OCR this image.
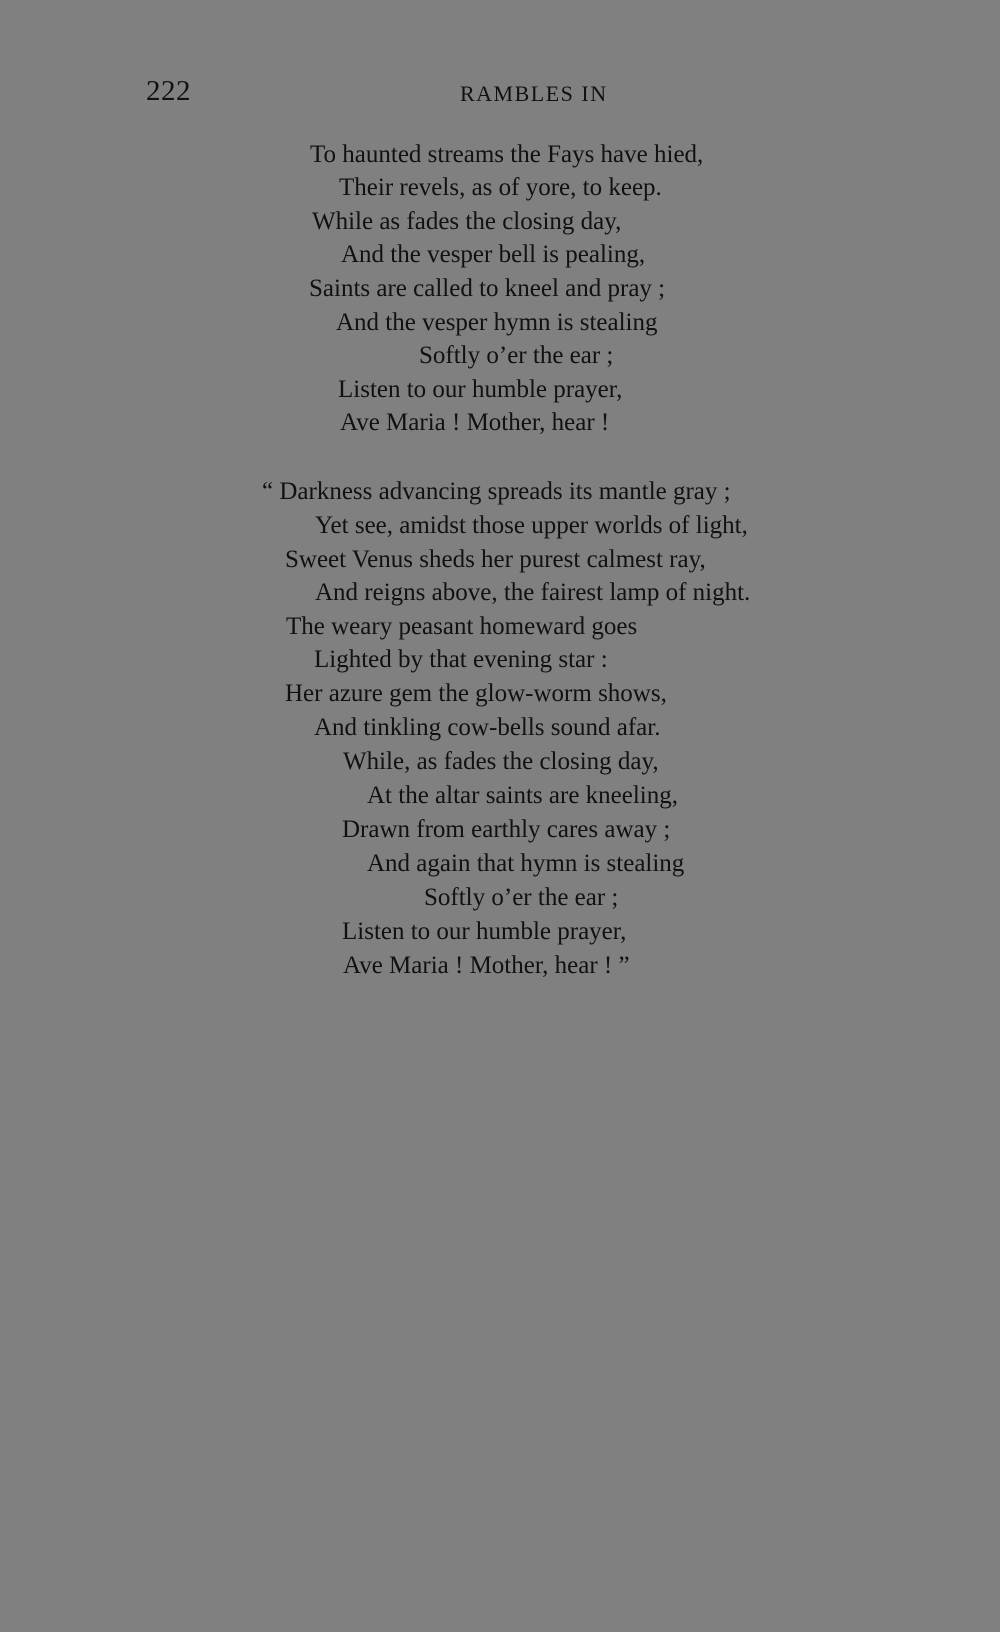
222	RAMBLES IN
To haunted streams the Fays have hied,
Their revels, as of yore, to keep.
While as fades the closing day,
And the vesper bell is pealing,
Saints are called to kneel and pray ;
And the vesper hymn is stealing
Softly o’er the ear ;
Listen to our humble prayer,
Ave Maria ! Mother, hear !
“ Darkness advancing spreads its mantle gray ;
Yet see, amidst those upper worlds of light,
Sweet Venus sheds her purest calmest ray,
And reigns above, the fairest lamp of night.
The weary peasant homeward goes
Lighted by that evening star :
Her azure gem the glow-worm shows,
And tinkling cow-bells sound afar.
While, as fades the closing day,
At the altar saints are kneeling,
Drawn from earthly cares away ;
And again that hymn is stealing
Softly o’er the ear ;
Listen to our humble prayer,
Ave Maria ! Mother, hear ! ”
